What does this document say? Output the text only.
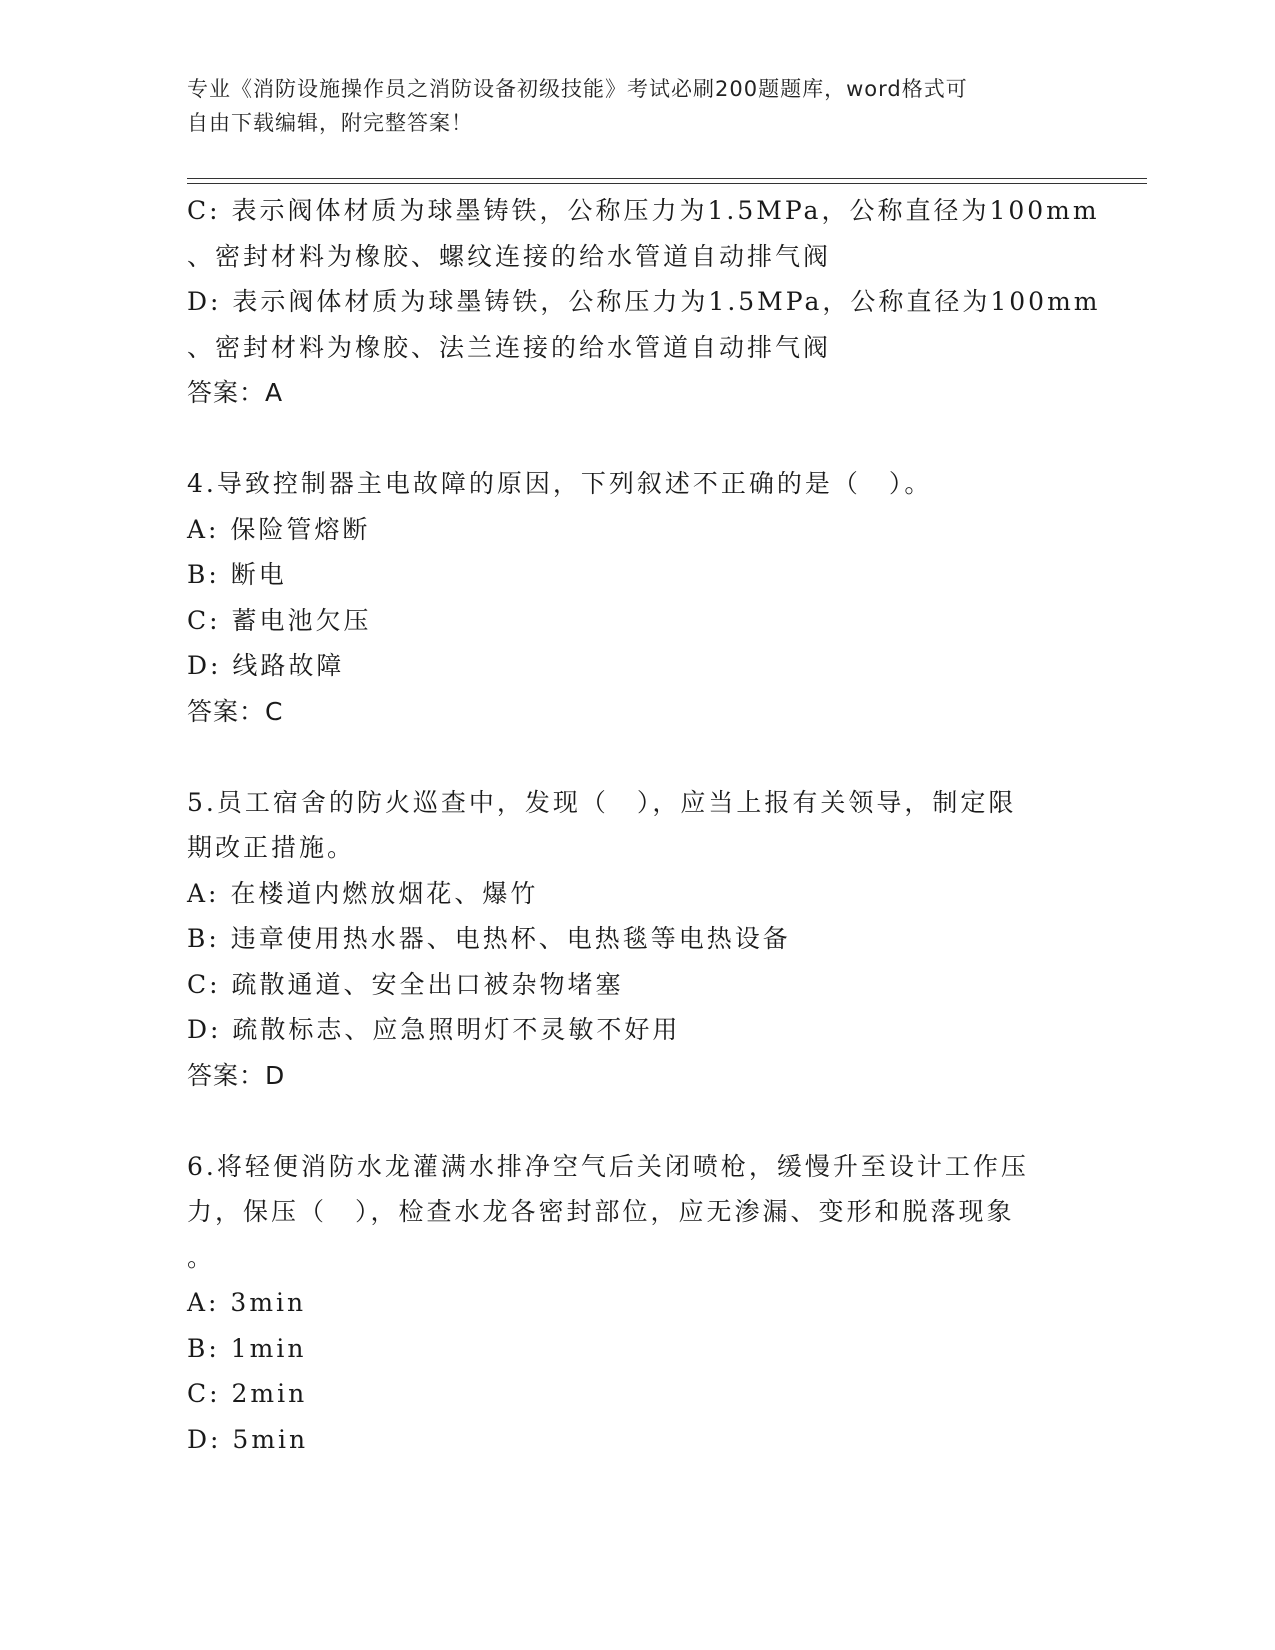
专业《消防设施操作员之消防设备初级技能》考试必刷200题题库，word格式可
自由下载编辑，附完整答案！
C: 表示阀体材质为球墨铸铁，公称压力为1.5MPa，公称直径为100mm
、密封材料为橡胶、螺纹连接的给水管道自动排气阀
D: 表示阀体材质为球墨铸铁，公称压力为1.5MPa，公称直径为100mm
、密封材料为橡胶、法兰连接的给水管道自动排气阀
答案：A
4.导致控制器主电故障的原因，下列叙述不正确的是（　）。
A: 保险管熔断
B: 断电
C: 蓄电池欠压
D: 线路故障
答案：C
5.员工宿舍的防火巡查中，发现（　），应当上报有关领导，制定限
期改正措施。
A: 在楼道内燃放烟花、爆竹
B: 违章使用热水器、电热杯、电热毯等电热设备
C: 疏散通道、安全出口被杂物堵塞
D: 疏散标志、应急照明灯不灵敏不好用
答案：D
6.将轻便消防水龙灌满水排净空气后关闭喷枪，缓慢升至设计工作压
力，保压（　），检查水龙各密封部位，应无渗漏、变形和脱落现象
。
A: 3min
B: 1min
C: 2min
D: 5min
